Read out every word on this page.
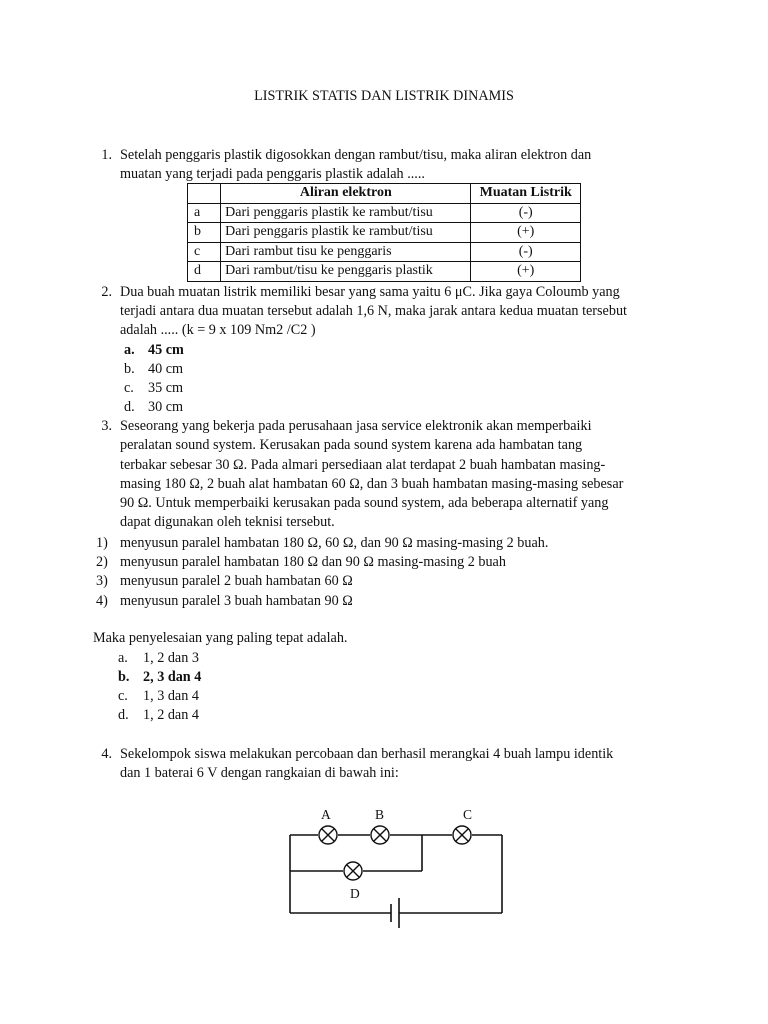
LISTRIK STATIS DAN LISTRIK DINAMIS
1. Setelah penggaris plastik digosokkan dengan rambut/tisu, maka aliran elektron dan
muatan yang terjadi pada penggaris plastik adalah .....
	Aliran elektron	Muatan Listrik
a	Dari penggaris plastik ke rambut/tisu	(-)
b	Dari penggaris plastik ke rambut/tisu	(+)
c	Dari rambut tisu ke penggaris	(-)
d	Dari rambut/tisu ke penggaris plastik	(+)
2. Dua buah muatan listrik memiliki besar yang sama yaitu 6 μC. Jika gaya Coloumb yang
terjadi antara dua muatan tersebut adalah 1,6 N, maka jarak antara kedua muatan tersebut
adalah ..... (k = 9 x 109 Nm2 /C2 )
a. 45 cm
b. 40 cm
c. 35 cm
d. 30 cm
3. Seseorang yang bekerja pada perusahaan jasa service elektronik akan memperbaiki
peralatan sound system. Kerusakan pada sound system karena ada hambatan tang
terbakar sebesar 30 Ω. Pada almari persediaan alat terdapat 2 buah hambatan masing-
masing 180 Ω, 2 buah alat hambatan 60 Ω, dan 3 buah hambatan masing-masing sebesar
90 Ω. Untuk memperbaiki kerusakan pada sound system, ada beberapa alternatif yang
dapat digunakan oleh teknisi tersebut.
1) menyusun paralel hambatan 180 Ω, 60 Ω, dan 90 Ω masing-masing 2 buah.
2) menyusun paralel hambatan 180 Ω dan 90 Ω masing-masing 2 buah
3) menyusun paralel 2 buah hambatan 60 Ω
4) menyusun paralel 3 buah hambatan 90 Ω
Maka penyelesaian yang paling tepat adalah.
a. 1, 2 dan 3
b. 2, 3 dan 4
c. 1, 3 dan 4
d. 1, 2 dan 4
4. Sekelompok siswa melakukan percobaan dan berhasil merangkai 4 buah lampu identik
dan 1 baterai 6 V dengan rangkaian di bawah ini:
A	B	C
D
